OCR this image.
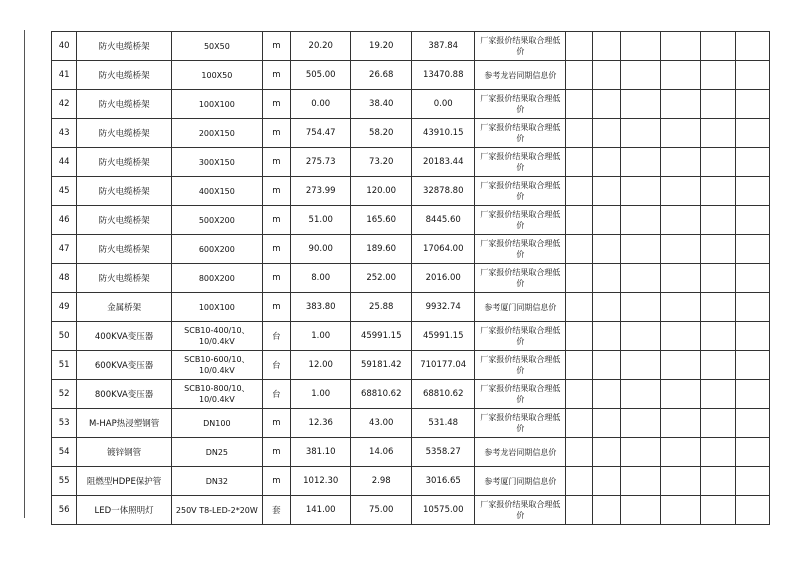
40	防火电缆桥架	50X50	m	20.20	19.20	387.84	厂家报价结果取合理低价						
41	防火电缆桥架	100X50	m	505.00	26.68	13470.88	参考龙岩同期信息价						
42	防火电缆桥架	100X100	m	0.00	38.40	0.00	厂家报价结果取合理低价						
43	防火电缆桥架	200X150	m	754.47	58.20	43910.15	厂家报价结果取合理低价						
44	防火电缆桥架	300X150	m	275.73	73.20	20183.44	厂家报价结果取合理低价						
45	防火电缆桥架	400X150	m	273.99	120.00	32878.80	厂家报价结果取合理低价						
46	防火电缆桥架	500X200	m	51.00	165.60	8445.60	厂家报价结果取合理低价						
47	防火电缆桥架	600X200	m	90.00	189.60	17064.00	厂家报价结果取合理低价						
48	防火电缆桥架	800X200	m	8.00	252.00	2016.00	厂家报价结果取合理低价						
49	金属桥架	100X100	m	383.80	25.88	9932.74	参考厦门同期信息价						
50	400KVA变压器	SCB10-400/10、10/0.4kV	台	1.00	45991.15	45991.15	厂家报价结果取合理低价						
51	600KVA变压器	SCB10-600/10、10/0.4kV	台	12.00	59181.42	710177.04	厂家报价结果取合理低价						
52	800KVA变压器	SCB10-800/10、10/0.4kV	台	1.00	68810.62	68810.62	厂家报价结果取合理低价						
53	M-HAP热浸塑钢管	DN100	m	12.36	43.00	531.48	厂家报价结果取合理低价						
54	镀锌钢管	DN25	m	381.10	14.06	5358.27	参考龙岩同期信息价						
55	阻燃型HDPE保护管	DN32	m	1012.30	2.98	3016.65	参考厦门同期信息价						
56	LED一体照明灯	250V T8-LED-2*20W	套	141.00	75.00	10575.00	厂家报价结果取合理低价						
